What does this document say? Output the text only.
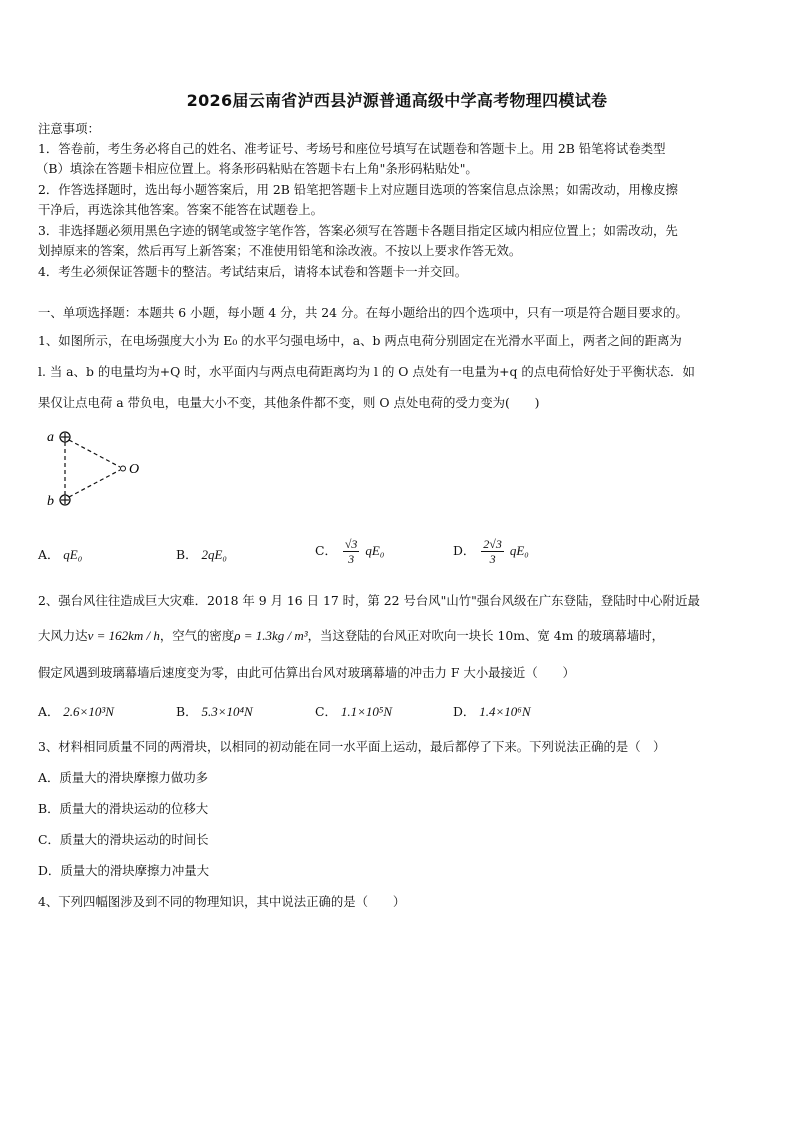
2026届云南省泸西县泸源普通高级中学高考物理四模试卷
注意事项：
1．答卷前，考生务必将自己的姓名、准考证号、考场号和座位号填写在试题卷和答题卡上。用 2B 铅笔将试卷类型
（B）填涂在答题卡相应位置上。将条形码粘贴在答题卡右上角"条形码粘贴处"。
2．作答选择题时，选出每小题答案后，用 2B 铅笔把答题卡上对应题目选项的答案信息点涂黑；如需改动，用橡皮擦
干净后，再选涂其他答案。答案不能答在试题卷上。
3．非选择题必须用黑色字迹的钢笔或签字笔作答，答案必须写在答题卡各题目指定区域内相应位置上；如需改动，先
划掉原来的答案，然后再写上新答案；不准使用铅笔和涂改液。不按以上要求作答无效。
4．考生必须保证答题卡的整洁。考试结束后，请将本试卷和答题卡一并交回。
一、单项选择题：本题共 6 小题，每小题 4 分，共 24 分。在每小题给出的四个选项中，只有一项是符合题目要求的。
1、如图所示，在电场强度大小为 E₀ 的水平匀强电场中，a、b 两点电荷分别固定在光滑水平面上，两者之间的距离为
l. 当 a、b 的电量均为+Q 时，水平面内与两点电荷距离均为 l 的 O 点处有一电量为+q 的点电荷恰好处于平衡状态．如
果仅让点电荷 a 带负电，电量大小不变，其他条件都不变，则 O 点处电荷的受力变为(　　)
a
b
O
A． qE₀	B． 2qE₀	C． $\frac{√3}{3} qE_0$	D． $\frac{2√3}{3} qE_0$
2、强台风往往造成巨大灾难．2018 年 9 月 16 日 17 时，第 22 号台风"山竹"强台风级在广东登陆，登陆时中心附近最
大风力达v = 162km / h，空气的密度ρ = 1.3kg / m³，当这登陆的台风正对吹向一块长 10m、宽 4m 的玻璃幕墙时，
假定风遇到玻璃幕墙后速度变为零，由此可估算出台风对玻璃幕墙的冲击力 F 大小最接近（　　）
A． 2.6×10³N	B． 5.3×10⁴N	C． 1.1×10⁵N	D． 1.4×10⁶N
3、材料相同质量不同的两滑块，以相同的初动能在同一水平面上运动，最后都停了下来。下列说法正确的是（　）
A．质量大的滑块摩擦力做功多
B．质量大的滑块运动的位移大
C．质量大的滑块运动的时间长
D．质量大的滑块摩擦力冲量大
4、下列四幅图涉及到不同的物理知识，其中说法正确的是（　　）
